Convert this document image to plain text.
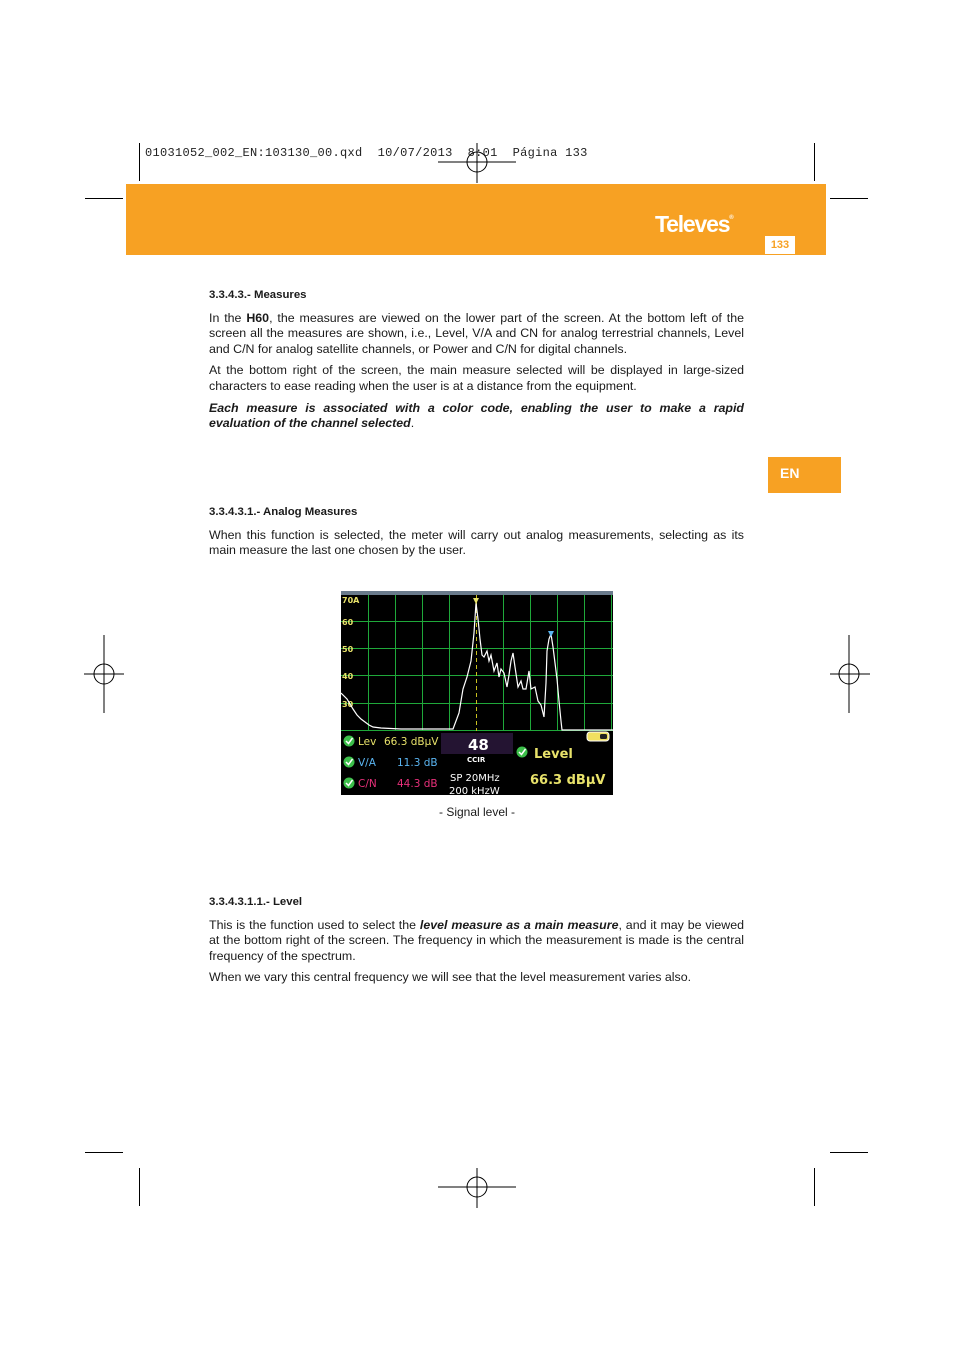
01031052_002_EN:103130_00.qxd 10/07/2013 8:01 Página 133
Televes®
133
EN
3.3.4.3.- Measures

In the H60, the measures are viewed on the lower part of the screen. At the bottom left of the screen all the measures are shown, i.e., Level, V/A and CN for analog terrestrial channels, Level and C/N for analog satellite channels, or Power and C/N for digital channels.

At the bottom right of the screen, the main measure selected will be displayed in large-sized characters to ease reading when the user is at a distance from the equipment.

Each measure is associated with a color code, enabling the user to make a rapid evaluation of the channel selected.

3.3.4.3.1.- Analog Measures

When this function is selected, the meter will carry out analog measurements, selecting as its main measure the last one chosen by the user.

70A
60
50
40
30
Lev 66.3 dBµV
V/A 11.3 dB
C/N 44.3 dB
48
CCIR
SP 20MHz
200 kHzW
Level
66.3 dBµV
- Signal level -
3.3.4.3.1.1.- Level

This is the function used to select the level measure as a main measure, and it may be viewed at the bottom right of the screen. The frequency in which the measurement is made is the central frequency of the spectrum.

When we vary this central frequency we will see that the level measurement varies also.
